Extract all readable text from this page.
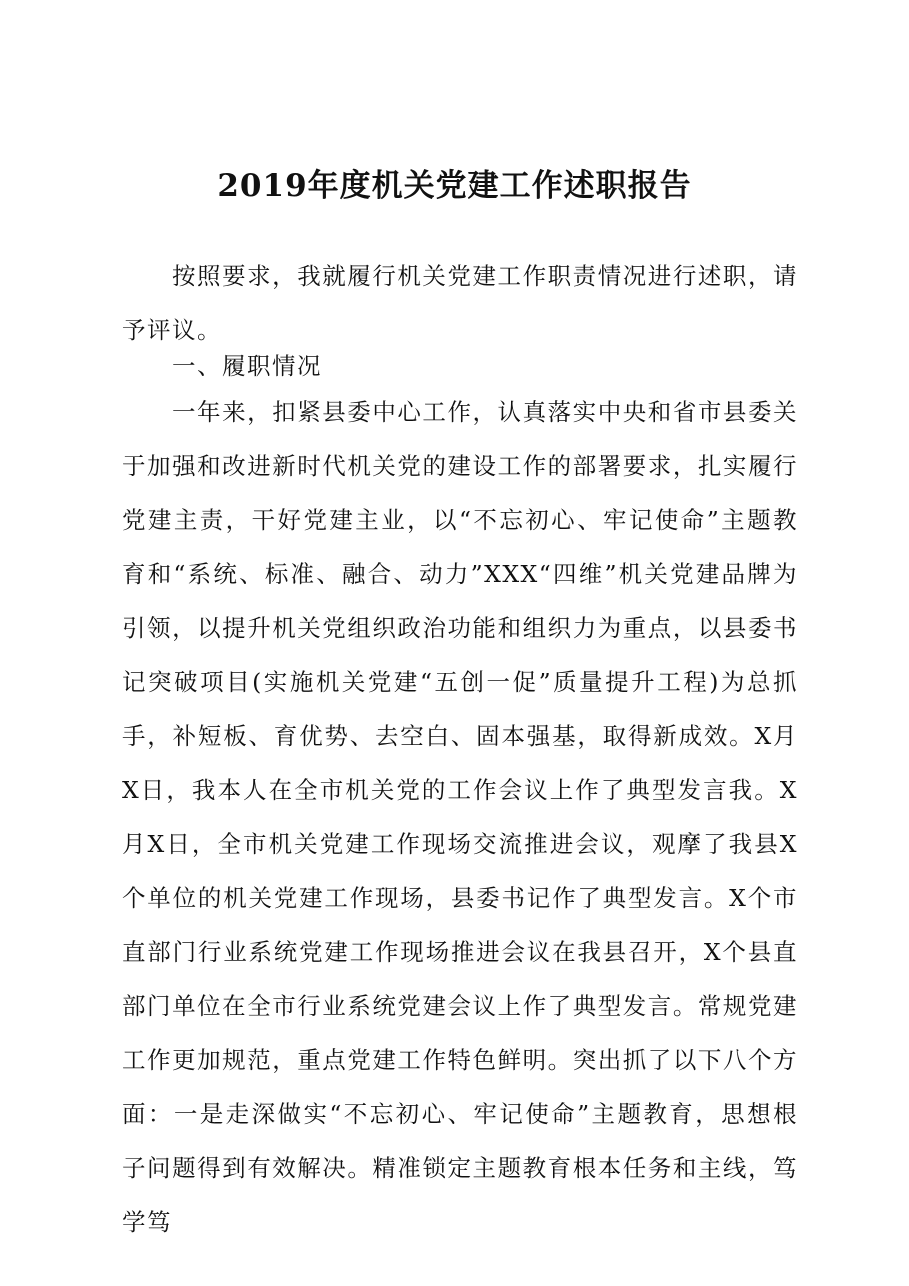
2019年度机关党建工作述职报告

按照要求，我就履行机关党建工作职责情况进行述职，请予评议。

一、履职情况

一年来，扣紧县委中心工作，认真落实中央和省市县委关于加强和改进新时代机关党的建设工作的部署要求，扎实履行党建主责，干好党建主业，以“不忘初心、牢记使命”主题教育和“系统、标准、融合、动力”XXX“四维”机关党建品牌为引领，以提升机关党组织政治功能和组织力为重点，以县委书记突破项目(实施机关党建“五创一促”质量提升工程)为总抓手，补短板、育优势、去空白、固本强基，取得新成效。X月X日，我本人在全市机关党的工作会议上作了典型发言我。X月X日，全市机关党建工作现场交流推进会议，观摩了我县X个单位的机关党建工作现场，县委书记作了典型发言。X个市直部门行业系统党建工作现场推进会议在我县召开，X个县直部门单位在全市行业系统党建会议上作了典型发言。常规党建工作更加规范，重点党建工作特色鲜明。突出抓了以下八个方面：一是走深做实“不忘初心、牢记使命”主题教育，思想根子问题得到有效解决。精准锁定主题教育根本任务和主线，笃学笃
